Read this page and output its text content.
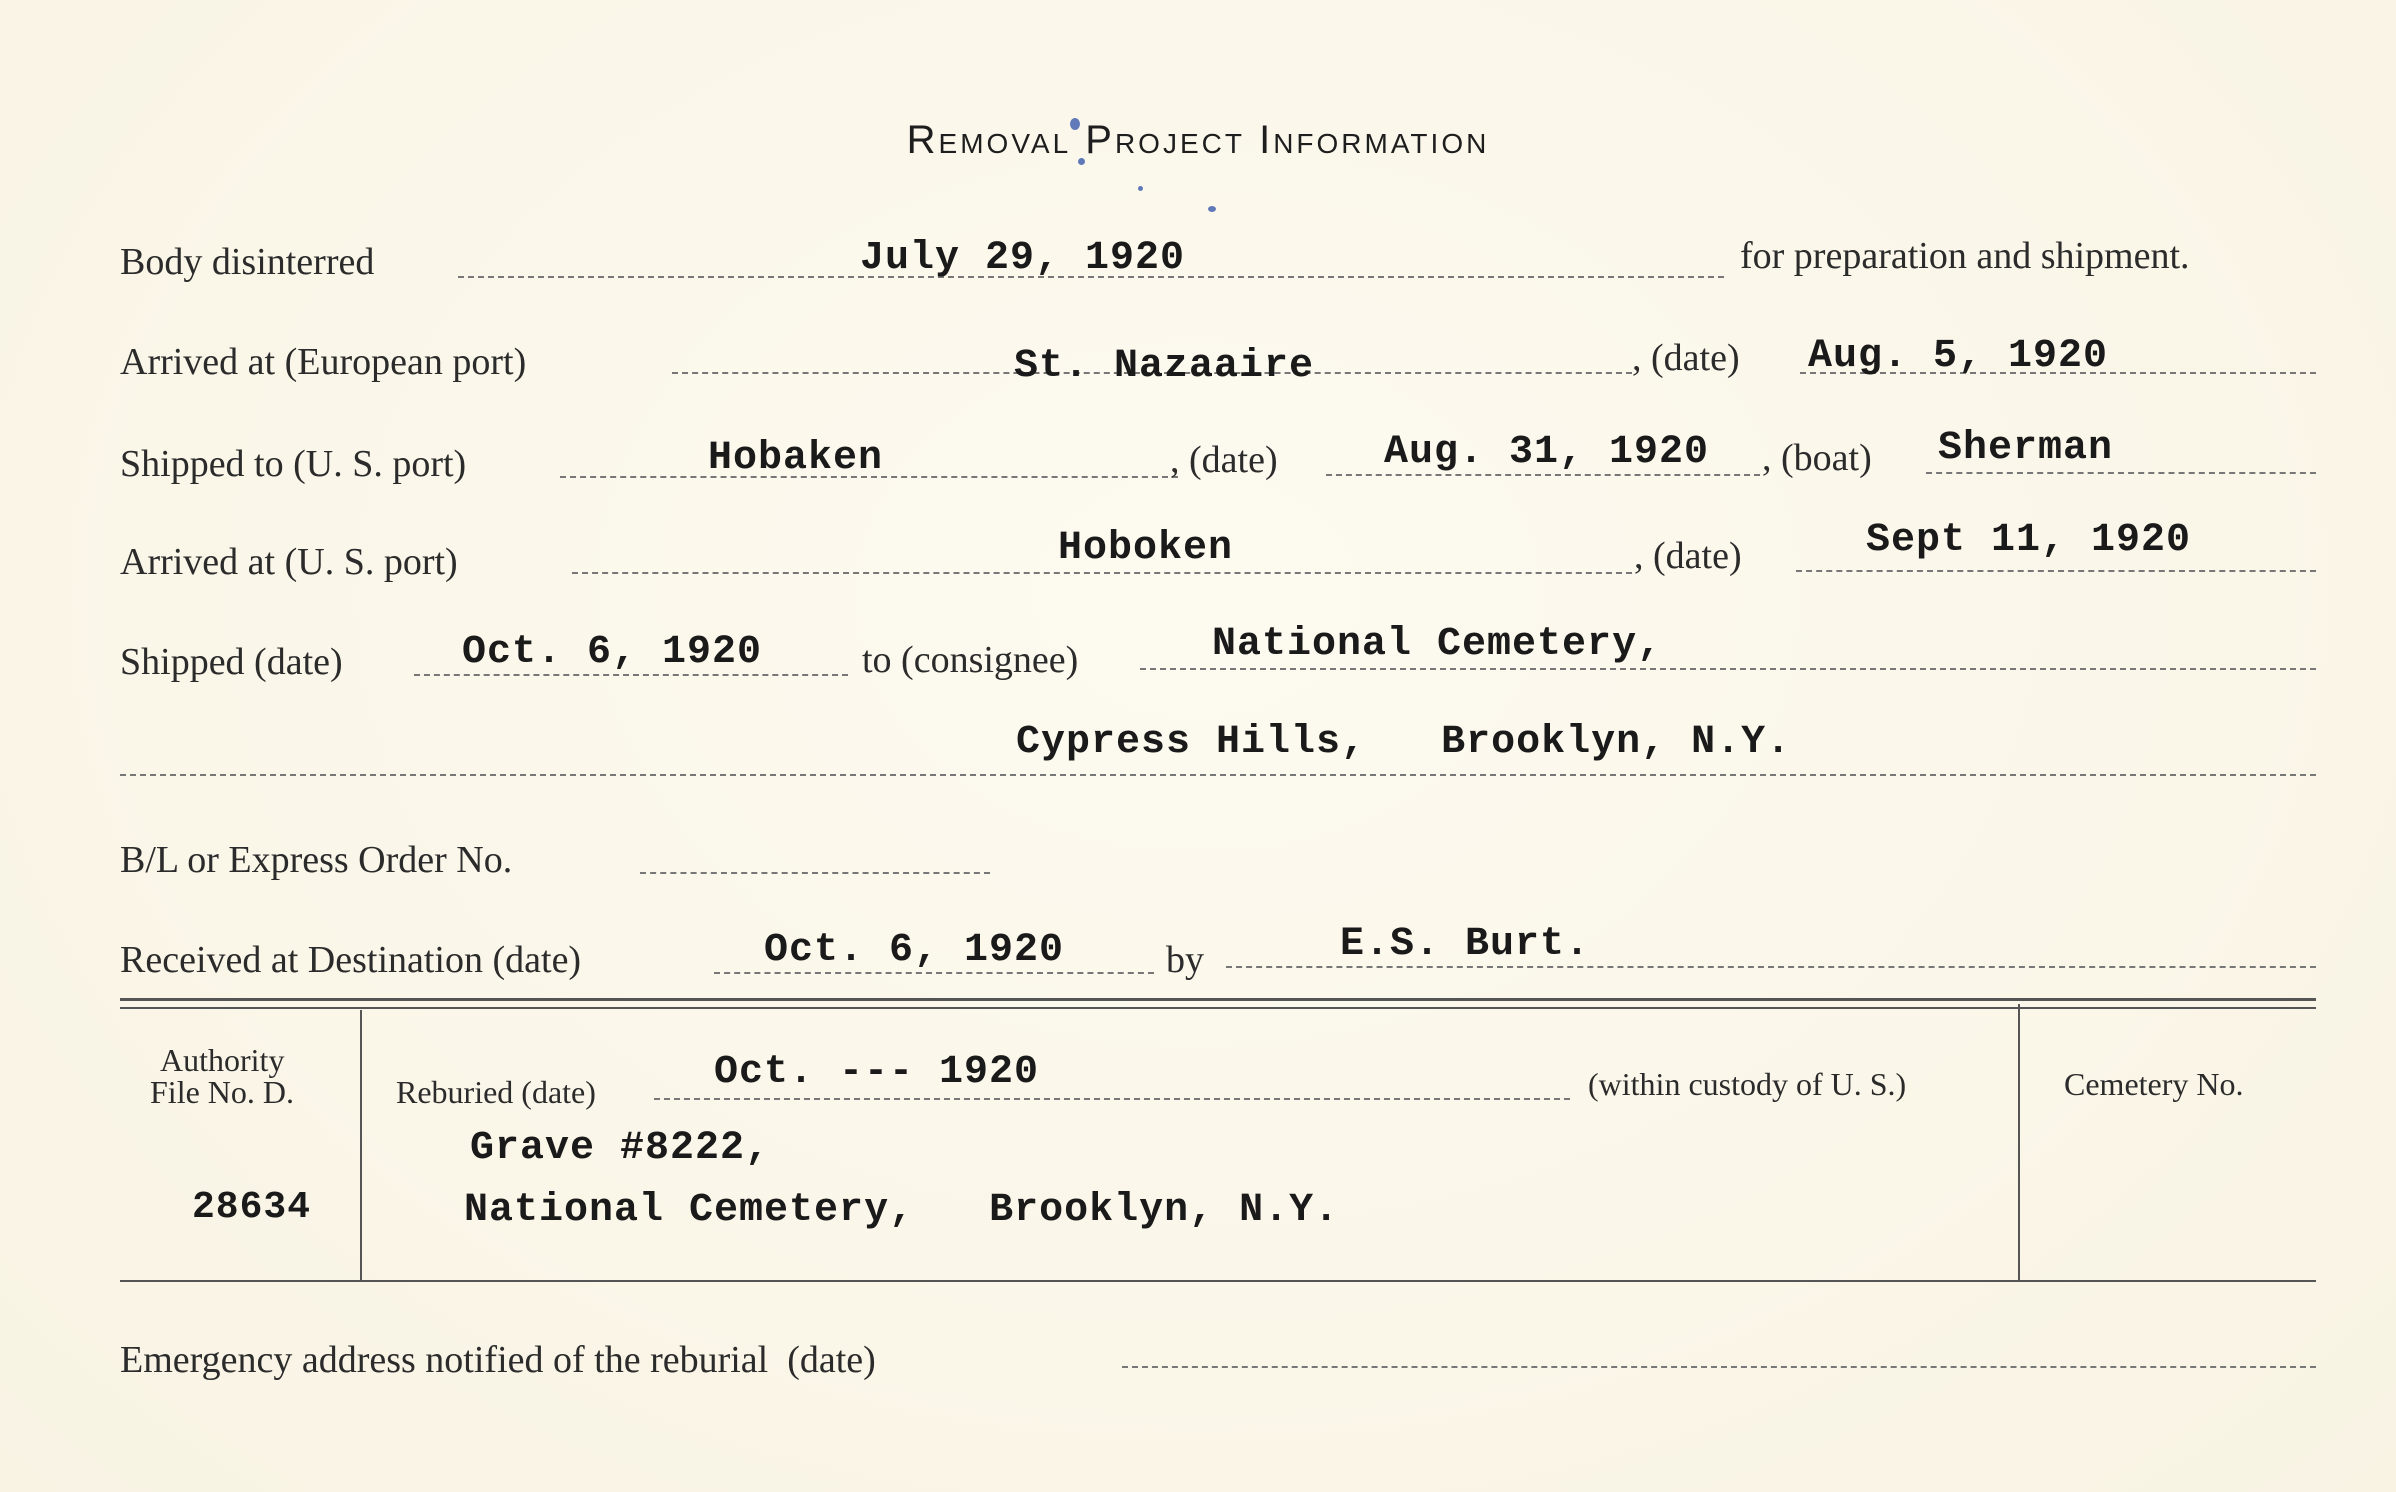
Removal Project Information
Body disinterred	July 29, 1920	for preparation and shipment.
Arrived at (European port)	St. Nazaaire	, (date) Aug. 5, 1920
Shipped to (U. S. port)	Hobaken	, (date)	Aug. 31, 1920 , (boat) Sherman
Arrived at (U. S. port)	Hoboken	, (date)	Sept 11, 1920
Shipped (date)	Oct. 6, 1920	to (consignee)	National Cemetery,
Cypress Hills,   Brooklyn, N.Y.
B/L or Express Order No.
Received at Destination (date)	Oct. 6, 1920	by	E.S. Burt.
Authority
File No. D.
28634
Reburied (date)	Oct. --- 1920	(within custody of U. S.)
Grave #8222,
National Cemetery,   Brooklyn, N.Y.
Cemetery No.
Emergency address notified of the reburial  (date)
